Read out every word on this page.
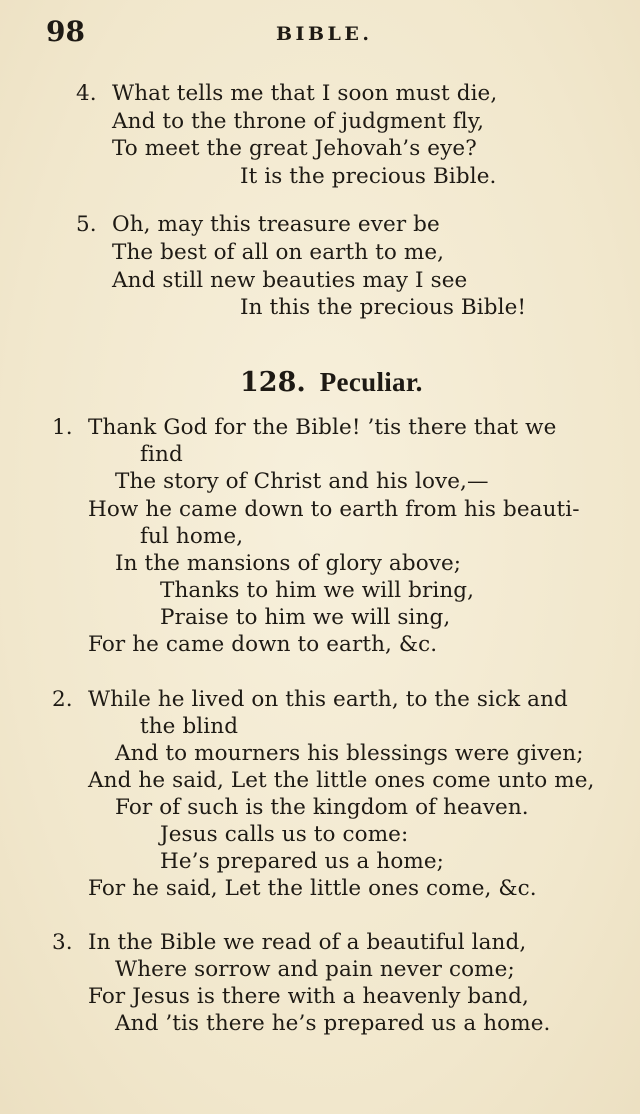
98	BIBLE.
4. What tells me that I soon must die,
And to the throne of judgment fly,
To meet the great Jehovah’s eye?
It is the precious Bible.
5. Oh, may this treasure ever be
The best of all on earth to me,
And still new beauties may I see
In this the precious Bible!
128. Peculiar.
1. Thank God for the Bible! ’tis there that we
find
The story of Christ and his love,—
How he came down to earth from his beauti-
ful home,
In the mansions of glory above;
Thanks to him we will bring,
Praise to him we will sing,
For he came down to earth, &c.
2. While he lived on this earth, to the sick and
the blind
And to mourners his blessings were given;
And he said, Let the little ones come unto me,
For of such is the kingdom of heaven.
Jesus calls us to come:
He’s prepared us a home;
For he said, Let the little ones come, &c.
3. In the Bible we read of a beautiful land,
Where sorrow and pain never come;
For Jesus is there with a heavenly band,
And ’tis there he’s prepared us a home.
